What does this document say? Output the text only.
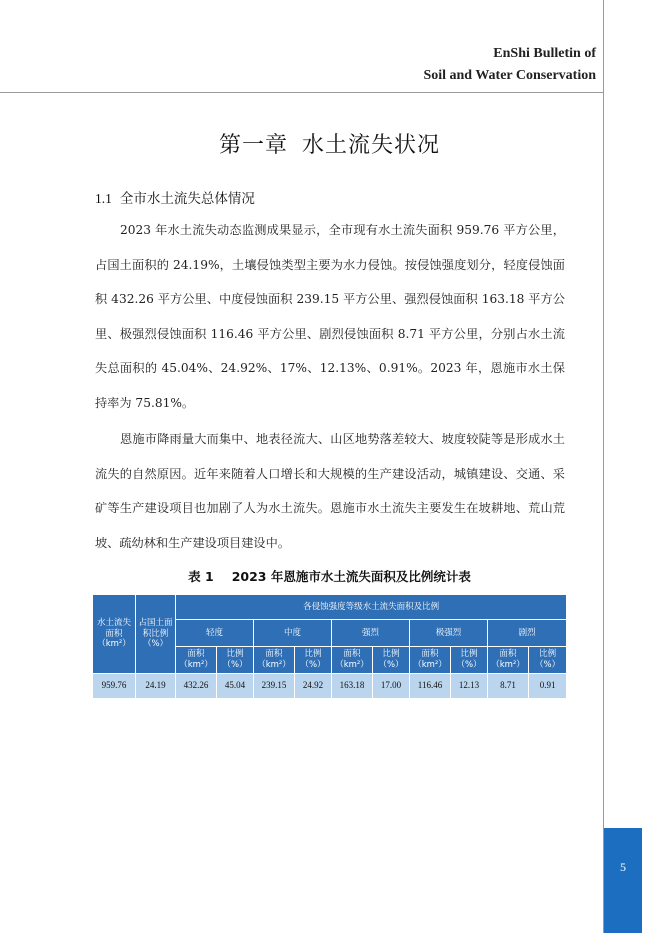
EnShi Bulletin of
Soil and Water Conservation
第一章 水土流失状况
1.1 全市水土流失总体情况
2023 年水土流失动态监测成果显示，全市现有水土流失面积 959.76 平方公里，占国土面积的 24.19%，土壤侵蚀类型主要为水力侵蚀。按侵蚀强度划分，轻度侵蚀面积 432.26 平方公里、中度侵蚀面积 239.15 平方公里、强烈侵蚀面积 163.18 平方公里、极强烈侵蚀面积 116.46 平方公里、剧烈侵蚀面积 8.71 平方公里，分别占水土流失总面积的 45.04%、24.92%、17%、12.13%、0.91%。2023 年，恩施市水土保持率为 75.81%。
恩施市降雨量大而集中、地表径流大、山区地势落差较大、坡度较陡等是形成水土流失的自然原因。近年来随着人口增长和大规模的生产建设活动，城镇建设、交通、采矿等生产建设项目也加剧了人为水土流失。恩施市水土流失主要发生在坡耕地、荒山荒坡、疏幼林和生产建设项目建设中。
表 1 2023 年恩施市水土流失面积及比例统计表
水土流失面积（km²）	占国土面积比例（%）	各侵蚀强度等级水土流失面积及比例									
		轻度		中度		强烈		极强烈		剧烈	
		面积（km²）	比例（%）	面积（km²）	比例（%）	面积（km²）	比例（%）	面积（km²）	比例（%）	面积（km²）	比例（%）
959.76	24.19	432.26	45.04	239.15	24.92	163.18	17.00	116.46	12.13	8.71	0.91
5
